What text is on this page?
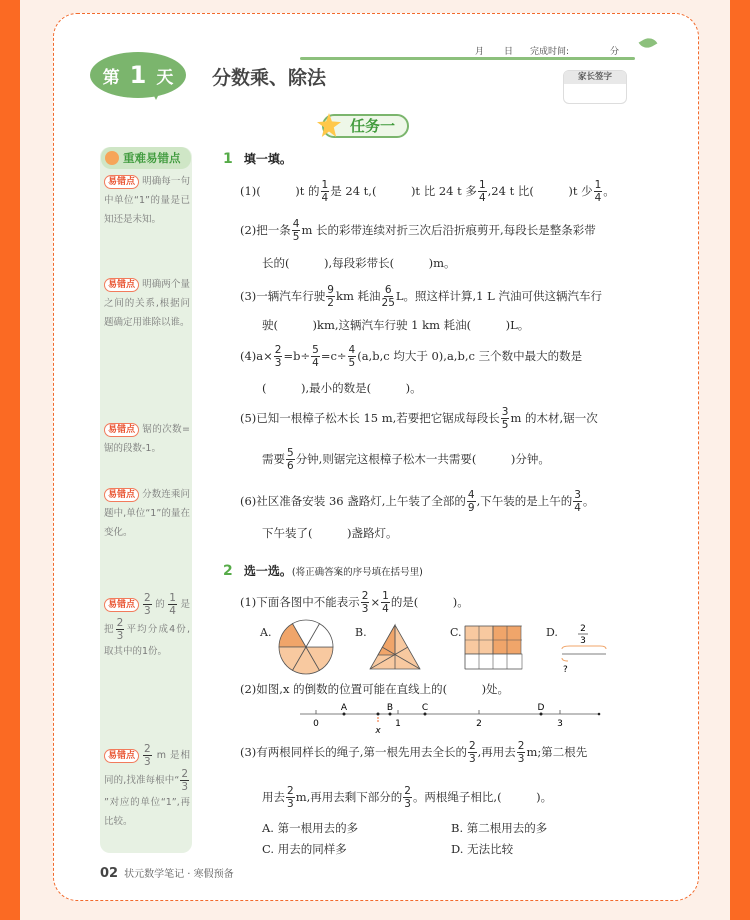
月 日 完成时间:	分
第 1 天 分数乘、除法	家长签字
任务一
重难易错点
易错点 明确每一句中单位“1”的量是已知还是未知。
易错点 明确两个量之间的关系,根据问题确定用谁除以谁。
易错点 锯的次数=锯的段数-1。
易错点 分数连乘问题中,单位“1”的量在变化。
易错点 $\frac{2}{3}$ 的 $\frac{1}{4}$ 是把 $\frac{2}{3}$ 平均分成4份,取其中的1份。
易错点 $\frac{2}{3}$ m 是相同的,找准每根中“ $\frac{2}{3}$
”对应的单位“1”,再比较。
1 填一填。
(1)(　　　)t 的 $\frac{1}{4}$ 是 24 t,(　　　)t 比 24 t 多 $\frac{1}{4} ,24$ t 比(　　　)t 少 $\frac{1}{4}$ 。
(2)把一条 $\frac{4}{5}$ m 长的彩带连续对折三次后沿折痕剪开,每段长是整条彩带
长的(　　　),每段彩带长(　　　)m。
(3)一辆汽车行驶 $\frac{9}{2}$ km 耗油 $\frac{6}{25}$ L。照这样计算,1 L 汽油可供这辆汽车行
驶(　　　)km,这辆汽车行驶 1 km 耗油(　　　)L。
$(4)a\times \frac{2}{3} =b\div \frac{5}{4} =c\div \frac{4}{5} (a,b,c$ 均大于 0),a,b,c 三个数中最大的数是
(　　　),最小的数是(　　　)。
(5)已知一根樟子松木长 15 m,若要把它锯成每段长 $\frac{3}{5}$ m 的木材,锯一次
需要 $\frac{5}{6}$ 分钟,则锯完这根樟子松木一共需要(　　　)分钟。
(6)社区准备安装 36 盏路灯,上午装了全部的 $\frac{4}{9}$ ,下午装的是上午的 $\frac{3}{4}$ 。
下午装了(　　　)盏路灯。
2 选一选。(将正确答案的序号填在括号里)
(1)下面各图中不能表示 $\frac{2}{3} \times \frac{1}{4}$ 的是(　　　)。
A.	B.	C.	D. 2
3
?
(2)如图,x 的倒数的位置可能在直线上的(　　　)处。
0	1	2	3
A	B	C	D
x
(3)有两根同样长的绳子,第一根先用去全长的 $\frac{2}{3}$ ,再用去 $\frac{2}{3} m$;第二根先
用去 $\frac{2}{3} m$,再用去剩下部分的 $\frac{2}{3}$ 。两根绳子相比,(　　　)。
A. 第一根用去的多	B. 第二根用去的多
C. 用去的同样多	D. 无法比较
02 状元数学笔记 · 寒假预备
